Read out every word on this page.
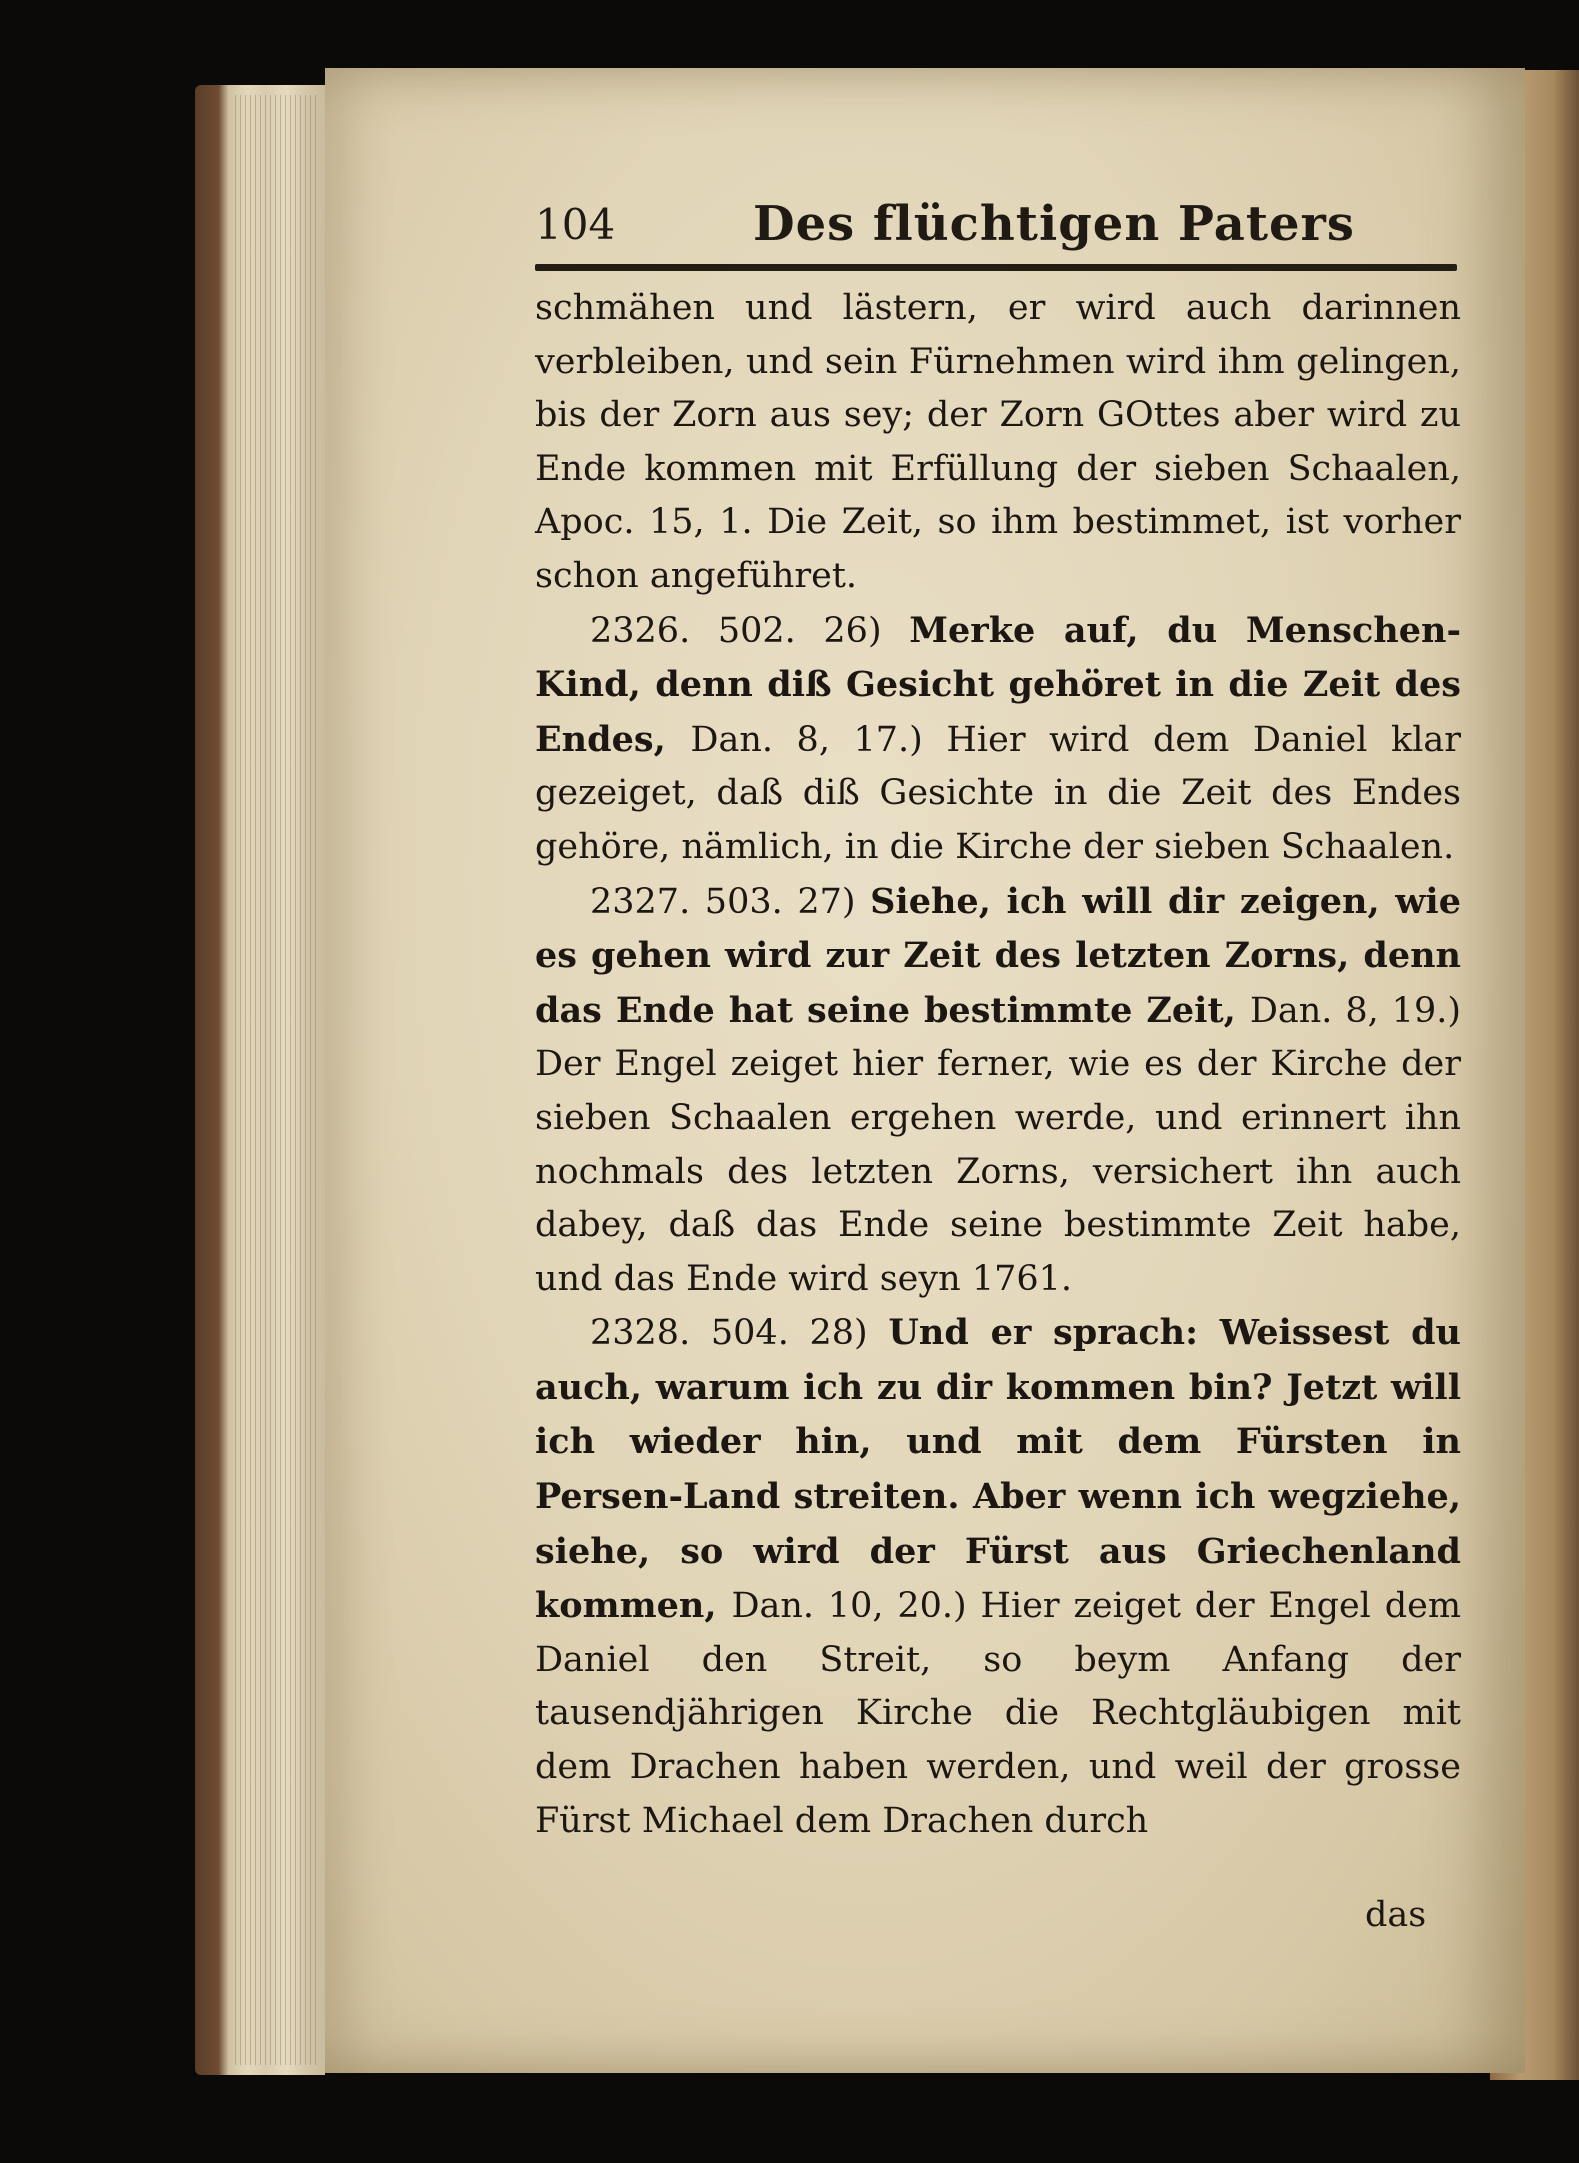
104	Des flüchtigen Paters

schmähen und lästern, er wird auch darinnen verbleiben, und sein Fürnehmen wird ihm gelingen, bis der Zorn aus sey; der Zorn GOttes aber wird zu Ende kommen mit Erfüllung der sieben Schaalen, Apoc. 15, 1. Die Zeit, so ihm bestimmet, ist vorher schon angeführet.

2326. 502. 26) Merke auf, du Menschen-Kind, denn diß Gesicht gehöret in die Zeit des Endes, Dan. 8, 17.) Hier wird dem Daniel klar gezeiget, daß diß Gesichte in die Zeit des Endes gehöre, nämlich, in die Kirche der sieben Schaalen.

2327. 503. 27) Siehe, ich will dir zeigen, wie es gehen wird zur Zeit des letzten Zorns, denn das Ende hat seine bestimmte Zeit, Dan. 8, 19.) Der Engel zeiget hier ferner, wie es der Kirche der sieben Schaalen ergehen werde, und erinnert ihn nochmals des letzten Zorns, versichert ihn auch dabey, daß das Ende seine bestimmte Zeit habe, und das Ende wird seyn 1761.

2328. 504. 28) Und er sprach: Weissest du auch, warum ich zu dir kommen bin? Jetzt will ich wieder hin, und mit dem Fürsten in Persen-Land streiten. Aber wenn ich wegziehe, siehe, so wird der Fürst aus Griechenland kommen, Dan. 10, 20.) Hier zeiget der Engel dem Daniel den Streit, so beym Anfang der tausendjährigen Kirche die Rechtgläubigen mit dem Drachen haben werden, und weil der grosse Fürst Michael dem Drachen durch

das
